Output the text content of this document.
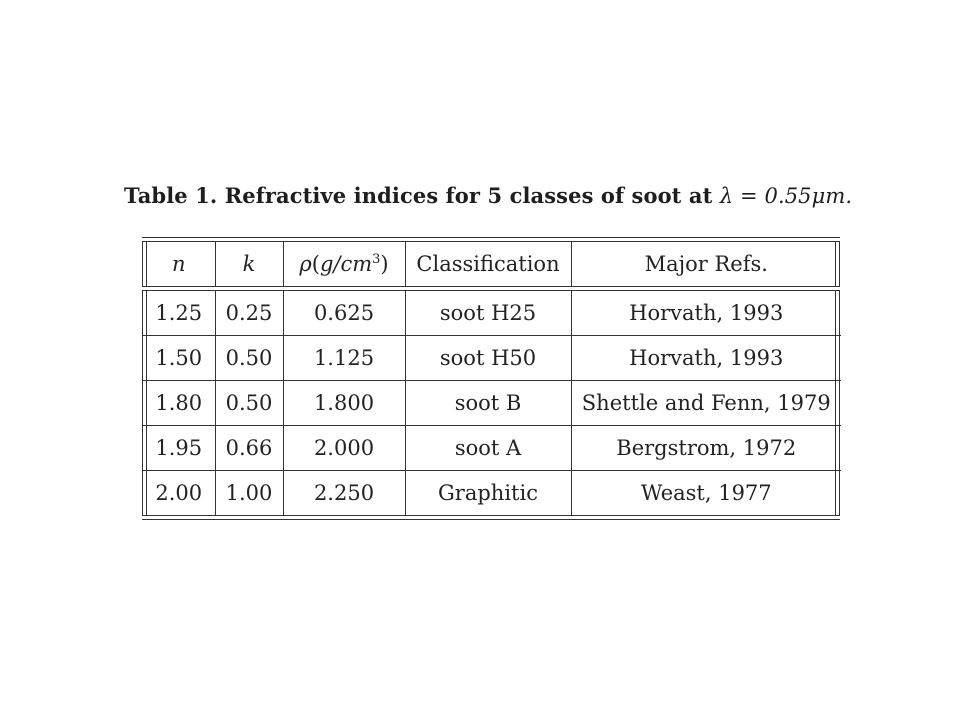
Table 1. Refractive indices for 5 classes of soot at λ = 0.55μm.
n	k	$\rho(g/cm^3)$	Classification	Major Refs.
1.25	0.25	0.625	soot H25	Horvath, 1993
1.50	0.50	1.125	soot H50	Horvath, 1993
1.80	0.50	1.800	soot B	Shettle and Fenn, 1979
1.95	0.66	2.000	soot A	Bergstrom, 1972
2.00	1.00	2.250	Graphitic	Weast, 1977
